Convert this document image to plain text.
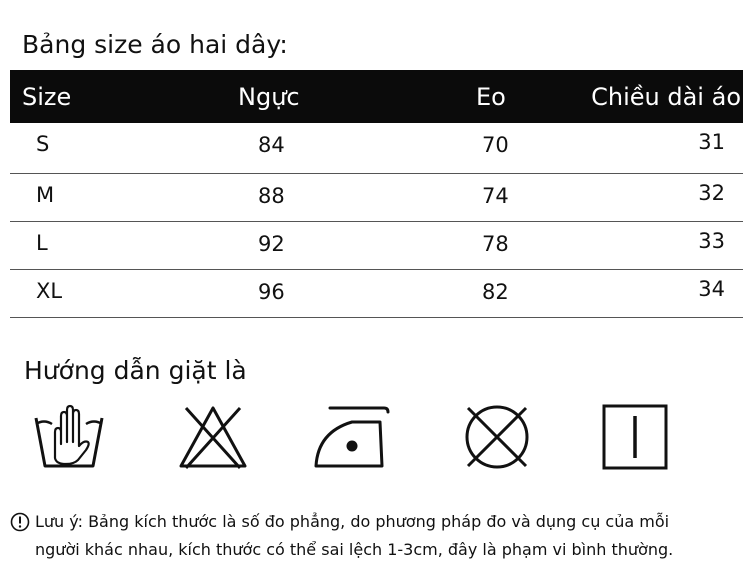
Bảng size áo hai dây:
Size	Ngực	Eo	Chiều dài áo
S	84	70	31
M	88	74	32
L	92	78	33
XL	96	82	34
Hướng dẫn giặt là
Lưu ý: Bảng kích thước là số đo phẳng, do phương pháp đo và dụng cụ của mỗi
người khác nhau, kích thước có thể sai lệch 1-3cm, đây là phạm vi bình thường.
